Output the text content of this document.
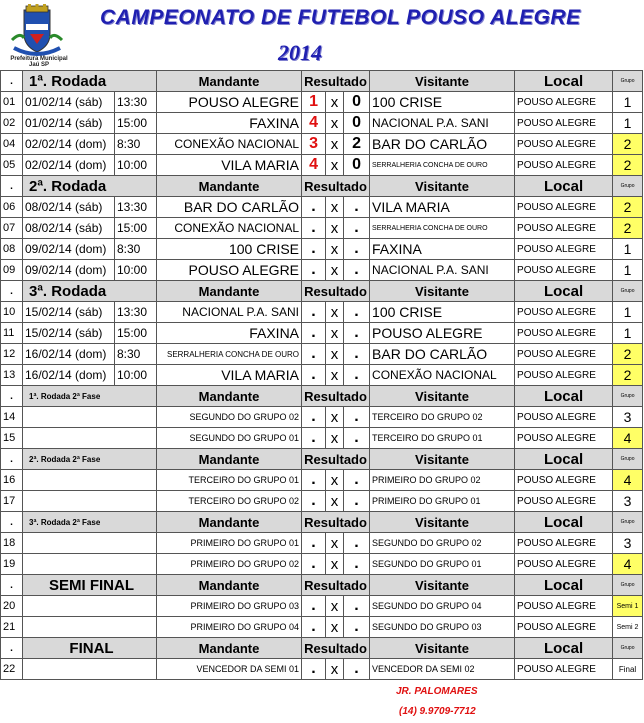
Prefeitura Municipal
Jaú SP
CAMPEONATO DE FUTEBOL POUSO ALEGRE
2014
.	1ª. Rodada		Mandante	Resultado			Visitante	Local	Grupo
01	01/02/14 (sáb)	13:30	POUSO ALEGRE	1	x	0	100 CRISE	POUSO ALEGRE	1
02	01/02/14 (sáb)	15:00	FAXINA	4	x	0	NACIONAL P.A. SANI	POUSO ALEGRE	1
04	02/02/14 (dom)	8:30	CONEXÃO NACIONAL	3	x	2	BAR DO CARLÃO	POUSO ALEGRE	2
05	02/02/14 (dom)	10:00	VILA MARIA	4	x	0	SERRALHERIA CONCHA DE OURO	POUSO ALEGRE	2
.	2ª. Rodada		Mandante	Resultado			Visitante	Local	Grupo
06	08/02/14 (sáb)	13:30	BAR DO CARLÃO	.	x	.	VILA MARIA	POUSO ALEGRE	2
07	08/02/14 (sáb)	15:00	CONEXÃO NACIONAL	.	x	.	SERRALHERIA CONCHA DE OURO	POUSO ALEGRE	2
08	09/02/14 (dom)	8:30	100 CRISE	.	x	.	FAXINA	POUSO ALEGRE	1
09	09/02/14 (dom)	10:00	POUSO ALEGRE	.	x	.	NACIONAL P.A. SANI	POUSO ALEGRE	1
.	3ª. Rodada		Mandante	Resultado			Visitante	Local	Grupo
10	15/02/14 (sáb)	13:30	NACIONAL P.A. SANI	.	x	.	100 CRISE	POUSO ALEGRE	1
11	15/02/14 (sáb)	15:00	FAXINA	.	x	.	POUSO ALEGRE	POUSO ALEGRE	1
12	16/02/14 (dom)	8:30	SERRALHERIA CONCHA DE OURO	.	x	.	BAR DO CARLÃO	POUSO ALEGRE	2
13	16/02/14 (dom)	10:00	VILA MARIA	.	x	.	CONEXÃO NACIONAL	POUSO ALEGRE	2
.	1ª. Rodada 2ª Fase		Mandante	Resultado			Visitante	Local	Grupo
14			SEGUNDO DO GRUPO 02	.	x	.	TERCEIRO DO GRUPO 02	POUSO ALEGRE	3
15			SEGUNDO DO GRUPO 01	.	x	.	TERCEIRO DO GRUPO 01	POUSO ALEGRE	4
.	2ª. Rodada 2ª Fase		Mandante	Resultado			Visitante	Local	Grupo
16			TERCEIRO DO GRUPO 01	.	x	.	PRIMEIRO DO GRUPO 02	POUSO ALEGRE	4
17			TERCEIRO DO GRUPO 02	.	x	.	PRIMEIRO DO GRUPO 01	POUSO ALEGRE	3
.	3ª. Rodada 2ª Fase		Mandante	Resultado			Visitante	Local	Grupo
18			PRIMEIRO DO GRUPO 01	.	x	.	SEGUNDO DO GRUPO 02	POUSO ALEGRE	3
19			PRIMEIRO DO GRUPO 02	.	x	.	SEGUNDO DO GRUPO 01	POUSO ALEGRE	4
.	SEMI FINAL		Mandante	Resultado			Visitante	Local	Grupo
20			PRIMEIRO DO GRUPO 03	.	x	.	SEGUNDO DO GRUPO 04	POUSO ALEGRE	Semi 1
21			PRIMEIRO DO GRUPO 04	.	x	.	SEGUNDO DO GRUPO 03	POUSO ALEGRE	Semi 2
.	FINAL		Mandante	Resultado			Visitante	Local	Grupo
22			VENCEDOR DA SEMI 01	.	x	.	VENCEDOR DA SEMI 02	POUSO ALEGRE	Final
JR. PALOMARES
(14) 9.9709-7712
